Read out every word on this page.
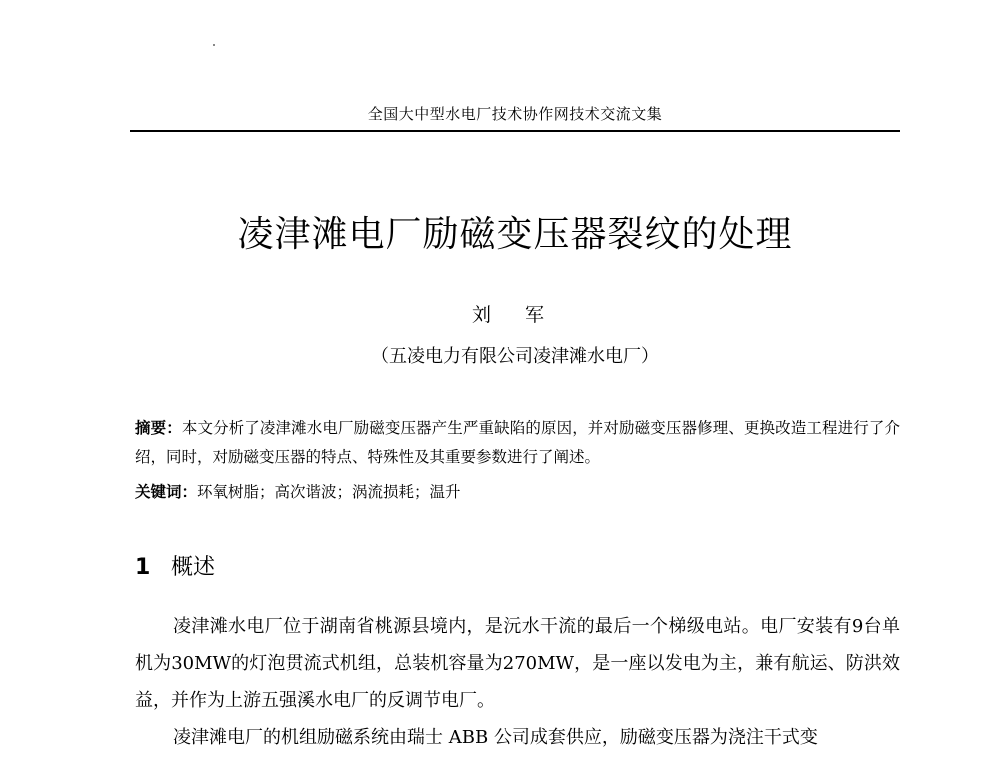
全国大中型水电厂技术协作网技术交流文集
凌津滩电厂励磁变压器裂纹的处理
刘 军
（五凌电力有限公司凌津滩水电厂）
摘要：本文分析了凌津滩水电厂励磁变压器产生严重缺陷的原因，并对励磁变压器修理、更换改造工程进行了介绍，同时，对励磁变压器的特点、特殊性及其重要参数进行了阐述。
关键词：环氧树脂；高次谐波；涡流损耗；温升
1 概述

凌津滩水电厂位于湖南省桃源县境内，是沅水干流的最后一个梯级电站。电厂安装有9台单机为30MW的灯泡贯流式机组，总装机容量为270MW，是一座以发电为主，兼有航运、防洪效益，并作为上游五强溪水电厂的反调节电厂。

凌津滩电厂的机组励磁系统由瑞士 ABB 公司成套供应，励磁变压器为浇注干式变
